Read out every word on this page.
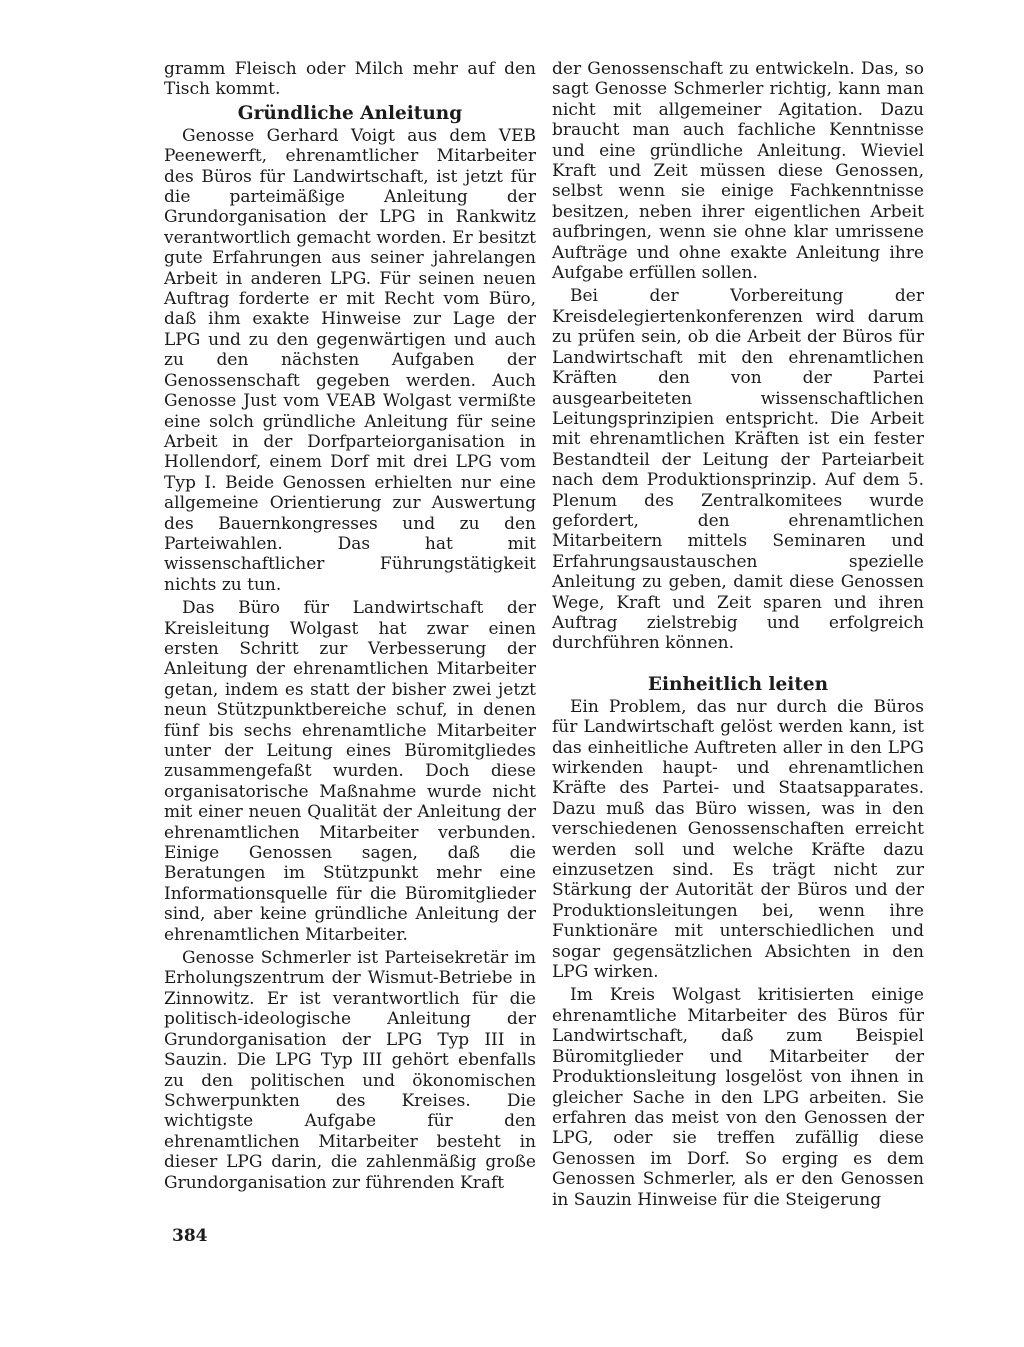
gramm Fleisch oder Milch mehr auf den Tisch kommt.

Gründliche Anleitung

Genosse Gerhard Voigt aus dem VEB Peenewerft, ehrenamtlicher Mitarbeiter des Büros für Landwirtschaft, ist jetzt für die parteimäßige Anleitung der Grundorganisation der LPG in Rankwitz verantwortlich gemacht worden. Er besitzt gute Erfahrungen aus seiner jahrelangen Arbeit in anderen LPG. Für seinen neuen Auftrag forderte er mit Recht vom Büro, daß ihm exakte Hinweise zur Lage der LPG und zu den gegenwärtigen und auch zu den nächsten Aufgaben der Genossenschaft gegeben werden. Auch Genosse Just vom VEAB Wolgast vermißte eine solch gründliche Anleitung für seine Arbeit in der Dorfparteiorganisation in Hollendorf, einem Dorf mit drei LPG vom Typ I. Beide Genossen erhielten nur eine allgemeine Orientierung zur Auswertung des Bauernkongresses und zu den Parteiwahlen. Das hat mit wissenschaftlicher Führungstätigkeit nichts zu tun.

Das Büro für Landwirtschaft der Kreisleitung Wolgast hat zwar einen ersten Schritt zur Verbesserung der Anleitung der ehrenamtlichen Mitarbeiter getan, indem es statt der bisher zwei jetzt neun Stützpunktbereiche schuf, in denen fünf bis sechs ehrenamtliche Mitarbeiter unter der Leitung eines Büromitgliedes zusammengefaßt wurden. Doch diese organisatorische Maßnahme wurde nicht mit einer neuen Qualität der Anleitung der ehrenamtlichen Mitarbeiter verbunden. Einige Genossen sagen, daß die Beratungen im Stützpunkt mehr eine Informationsquelle für die Büromitglieder sind, aber keine gründliche Anleitung der ehrenamtlichen Mitarbeiter.

Genosse Schmerler ist Parteisekretär im Erholungszentrum der Wismut-Betriebe in Zinnowitz. Er ist verantwortlich für die politisch-ideologische Anleitung der Grundorganisation der LPG Typ III in Sauzin. Die LPG Typ III gehört ebenfalls zu den politischen und ökonomischen Schwerpunkten des Kreises. Die wichtigste Aufgabe für den ehrenamtlichen Mitarbeiter besteht in dieser LPG darin, die zahlenmäßig große Grundorganisation zur führenden Kraft

der Genossenschaft zu entwickeln. Das, so sagt Genosse Schmerler richtig, kann man nicht mit allgemeiner Agitation. Dazu braucht man auch fachliche Kenntnisse und eine gründliche Anleitung. Wieviel Kraft und Zeit müssen diese Genossen, selbst wenn sie einige Fachkenntnisse besitzen, neben ihrer eigentlichen Arbeit aufbringen, wenn sie ohne klar umrissene Aufträge und ohne exakte Anleitung ihre Aufgabe erfüllen sollen.

Bei der Vorbereitung der Kreisdelegiertenkonferenzen wird darum zu prüfen sein, ob die Arbeit der Büros für Landwirtschaft mit den ehrenamtlichen Kräften den von der Partei ausgearbeiteten wissenschaftlichen Leitungsprinzipien entspricht. Die Arbeit mit ehrenamtlichen Kräften ist ein fester Bestandteil der Leitung der Parteiarbeit nach dem Produktionsprinzip. Auf dem 5. Plenum des Zentralkomitees wurde gefordert, den ehrenamtlichen Mitarbeitern mittels Seminaren und Erfahrungsaustauschen spezielle Anleitung zu geben, damit diese Genossen Wege, Kraft und Zeit sparen und ihren Auftrag zielstrebig und erfolgreich durchführen können.

Einheitlich leiten

Ein Problem, das nur durch die Büros für Landwirtschaft gelöst werden kann, ist das einheitliche Auftreten aller in den LPG wirkenden haupt- und ehrenamtlichen Kräfte des Partei- und Staatsapparates. Dazu muß das Büro wissen, was in den verschiedenen Genossenschaften erreicht werden soll und welche Kräfte dazu einzusetzen sind. Es trägt nicht zur Stärkung der Autorität der Büros und der Produktionsleitungen bei, wenn ihre Funktionäre mit unterschiedlichen und sogar gegensätzlichen Absichten in den LPG wirken.

Im Kreis Wolgast kritisierten einige ehrenamtliche Mitarbeiter des Büros für Landwirtschaft, daß zum Beispiel Büromitglieder und Mitarbeiter der Produktionsleitung losgelöst von ihnen in gleicher Sache in den LPG arbeiten. Sie erfahren das meist von den Genossen der LPG, oder sie treffen zufällig diese Genossen im Dorf. So erging es dem Genossen Schmerler, als er den Genossen in Sauzin Hinweise für die Steigerung

384
